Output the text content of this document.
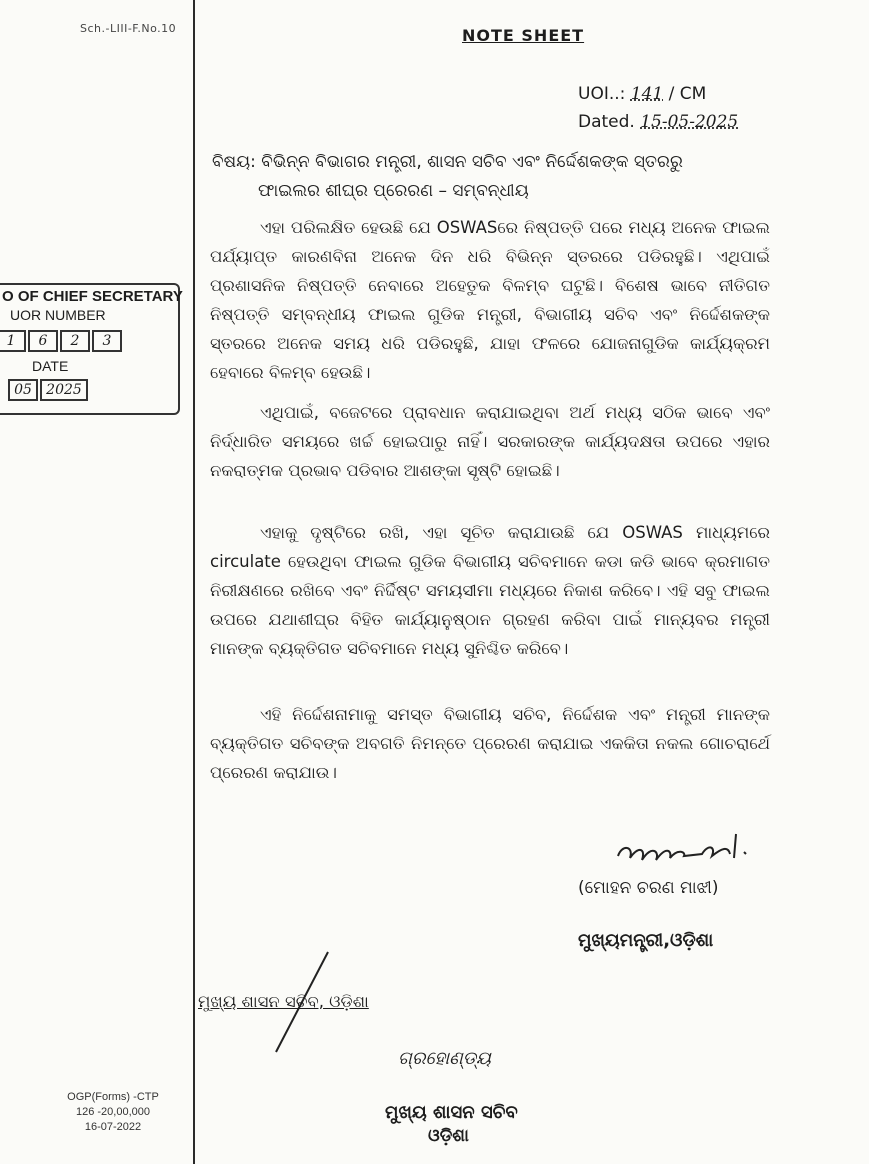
Sch.-LIII-F.No.10	NOTE SHEET
UOI..: 141 / CM
Dated. 15-05-2025
O OF CHIEF SECRETARY
UOR NUMBER
1	6	2	3
DATE
05	2025
ବିଷୟ: ବିଭିନ୍ନ ବିଭାଗର ମନ୍ତ୍ରୀ, ଶାସନ ସଚିବ ଏବଂ ନିର୍ଦ୍ଦେଶକଙ୍କ ସ୍ତରରୁ
ଫାଇଲର ଶୀଘ୍ର ପ୍ରେରଣ – ସମ୍ବନ୍ଧୀୟ

ଏହା ପରିଲକ୍ଷିତ ହେଉଛି ଯେ OSWASରେ ନିଷ୍ପତ୍ତି ପରେ ମଧ୍ୟ ଅନେକ ଫାଇଲ ପର୍ଯ୍ୟାପ୍ତ କାରଣବିନା ଅନେକ ଦିନ ଧରି ବିଭିନ୍ନ ସ୍ତରରେ ପଡିରହୁଛି। ଏଥିପାଇଁ ପ୍ରଶାସନିକ ନିଷ୍ପତ୍ତି ନେବାରେ ଅହେତୁକ ବିଳମ୍ବ ଘଟୁଛି। ବିଶେଷ ଭାବେ ନୀତିଗତ ନିଷ୍ପତ୍ତି ସମ୍ବନ୍ଧୀୟ ଫାଇଲ ଗୁଡିକ ମନ୍ତ୍ରୀ, ବିଭାଗୀୟ ସଚିବ ଏବଂ ନିର୍ଦ୍ଦେଶକଙ୍କ ସ୍ତରରେ ଅନେକ ସମୟ ଧରି ପଡିରହୁଛି, ଯାହା ଫଳରେ ଯୋଜନାଗୁଡିକ କାର୍ଯ୍ୟକ୍ରମ ହେବାରେ ବିଳମ୍ବ ହେଉଛି।

ଏଥିପାଇଁ, ବଜେଟରେ ପ୍ରାବଧାନ କରାଯାଇଥିବା ଅର୍ଥ ମଧ୍ୟ ସଠିକ ଭାବେ ଏବଂ ନିର୍ଦ୍ଧାରିତ ସମୟରେ ଖର୍ଚ୍ଚ ହୋଇପାରୁ ନାହିଁ। ସରକାରଙ୍କ କାର୍ଯ୍ୟଦକ୍ଷତା ଉପରେ ଏହାର ନକରାତ୍ମକ ପ୍ରଭାବ ପଡିବାର ଆଶଙ୍କା ସୃଷ୍ଟି ହୋଇଛି।

ଏହାକୁ ଦୃଷ୍ଟିରେ ରଖି, ଏହା ସୂଚିତ କରାଯାଉଛି ଯେ OSWAS ମାଧ୍ୟମରେ circulate ହେଉଥିବା ଫାଇଲ ଗୁଡିକ ବିଭାଗୀୟ ସଚିବମାନେ କଡା କଡି ଭାବେ କ୍ରମାଗତ ନିରୀକ୍ଷଣରେ ରଖିବେ ଏବଂ ନିର୍ଦ୍ଦିଷ୍ଟ ସମୟସୀମା ମଧ୍ୟରେ ନିକାଶ କରିବେ। ଏହି ସବୁ ଫାଇଲ ଉପରେ ଯଥାଶୀଘ୍ର ବିହିତ କାର୍ଯ୍ୟାନୁଷ୍ଠାନ ଗ୍ରହଣ କରିବା ପାଇଁ ମାନ୍ୟବର ମନ୍ତ୍ରୀ ମାନଙ୍କ ବ୍ୟକ୍ତିଗତ ସଚିବମାନେ ମଧ୍ୟ ସୁନିଶ୍ଚିତ କରିବେ।

ଏହି ନିର୍ଦ୍ଦେଶନାମାକୁ ସମସ୍ତ ବିଭାଗୀୟ ସଚିବ, ନିର୍ଦ୍ଦେଶକ ଏବଂ ମନ୍ତ୍ରୀ ମାନଙ୍କ ବ୍ୟକ୍ତିଗତ ସଚିବଙ୍କ ଅବଗତି ନିମନ୍ତେ ପ୍ରେରଣ କରାଯାଇ ଏକକିତା ନକଲ ଗୋଚରାର୍ଥେ ପ୍ରେରଣ କରାଯାଉ।

(ମୋହନ ଚରଣ ମାଝୀ)
ମୁଖ୍ୟମନ୍ତ୍ରୀ,ଓଡ଼ିଶା
ମୁଖ୍ୟ ଶାସନ ସଚିବ, ଓଡ଼ିଶା
ଗ୍ରହୋଣ୍ଡ୍ୟ
ମୁଖ୍ୟ ଶାସନ ସଚିବ
ଓଡ଼ିଶା
OGP(Forms) -CTP
126 -20,00,000
16-07-2022
